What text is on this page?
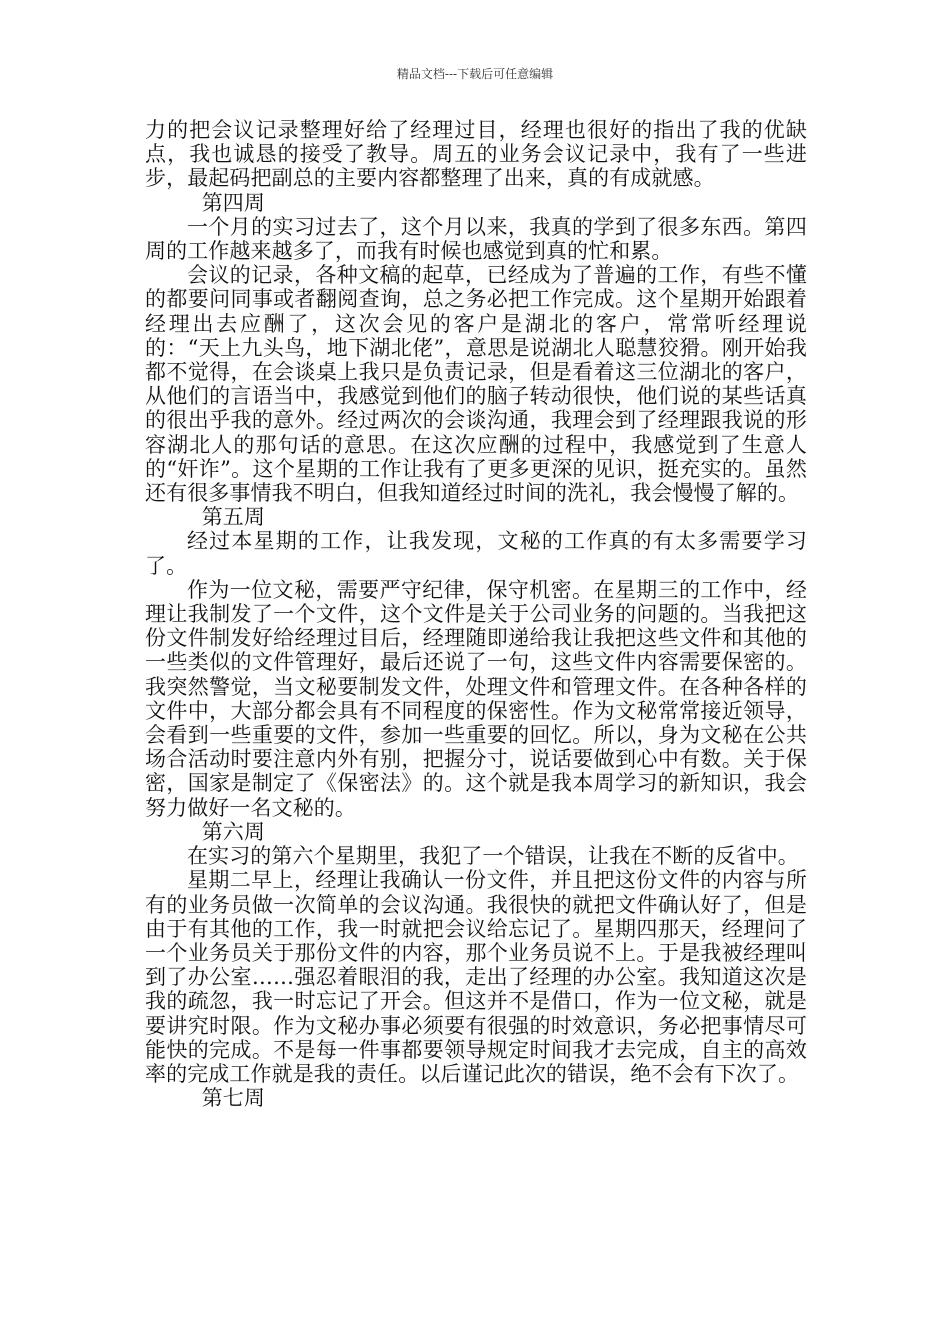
精品文档---下载后可任意编辑

力的把会议记录整理好给了经理过目，经理也很好的指出了我的优缺点，我也诚恳的接受了教导。周五的业务会议记录中，我有了一些进步，最起码把副总的主要内容都整理了出来，真的有成就感。

第四周

一个月的实习过去了，这个月以来，我真的学到了很多东西。第四周的工作越来越多了，而我有时候也感觉到真的忙和累。

会议的记录，各种文稿的起草，已经成为了普遍的工作，有些不懂的都要问同事或者翻阅查询，总之务必把工作完成。这个星期开始跟着经理出去应酬了，这次会见的客户是湖北的客户，常常听经理说的：“天上九头鸟，地下湖北佬”，意思是说湖北人聪慧狡猾。刚开始我都不觉得，在会谈桌上我只是负责记录，但是看着这三位湖北的客户，从他们的言语当中，我感觉到他们的脑子转动很快，他们说的某些话真的很出乎我的意外。经过两次的会谈沟通，我理会到了经理跟我说的形容湖北人的那句话的意思。在这次应酬的过程中，我感觉到了生意人的“奸诈”。这个星期的工作让我有了更多更深的见识，挺充实的。虽然还有很多事情我不明白，但我知道经过时间的洗礼，我会慢慢了解的。

第五周

经过本星期的工作，让我发现，文秘的工作真的有太多需要学习了。

作为一位文秘，需要严守纪律，保守机密。在星期三的工作中，经理让我制发了一个文件，这个文件是关于公司业务的问题的。当我把这份文件制发好给经理过目后，经理随即递给我让我把这些文件和其他的一些类似的文件管理好，最后还说了一句，这些文件内容需要保密的。我突然警觉，当文秘要制发文件，处理文件和管理文件。在各种各样的文件中，大部分都会具有不同程度的保密性。作为文秘常常接近领导，会看到一些重要的文件，参加一些重要的回忆。所以，身为文秘在公共场合活动时要注意内外有别，把握分寸，说话要做到心中有数。关于保密，国家是制定了《保密法》的。这个就是我本周学习的新知识，我会努力做好一名文秘的。

第六周

在实习的第六个星期里，我犯了一个错误，让我在不断的反省中。

星期二早上，经理让我确认一份文件，并且把这份文件的内容与所有的业务员做一次简单的会议沟通。我很快的就把文件确认好了，但是由于有其他的工作，我一时就把会议给忘记了。星期四那天，经理问了一个业务员关于那份文件的内容，那个业务员说不上。于是我被经理叫到了办公室……强忍着眼泪的我，走出了经理的办公室。我知道这次是我的疏忽，我一时忘记了开会。但这并不是借口，作为一位文秘，就是要讲究时限。作为文秘办事必须要有很强的时效意识，务必把事情尽可能快的完成。不是每一件事都要领导规定时间我才去完成，自主的高效率的完成工作就是我的责任。以后谨记此次的错误，绝不会有下次了。

第七周
